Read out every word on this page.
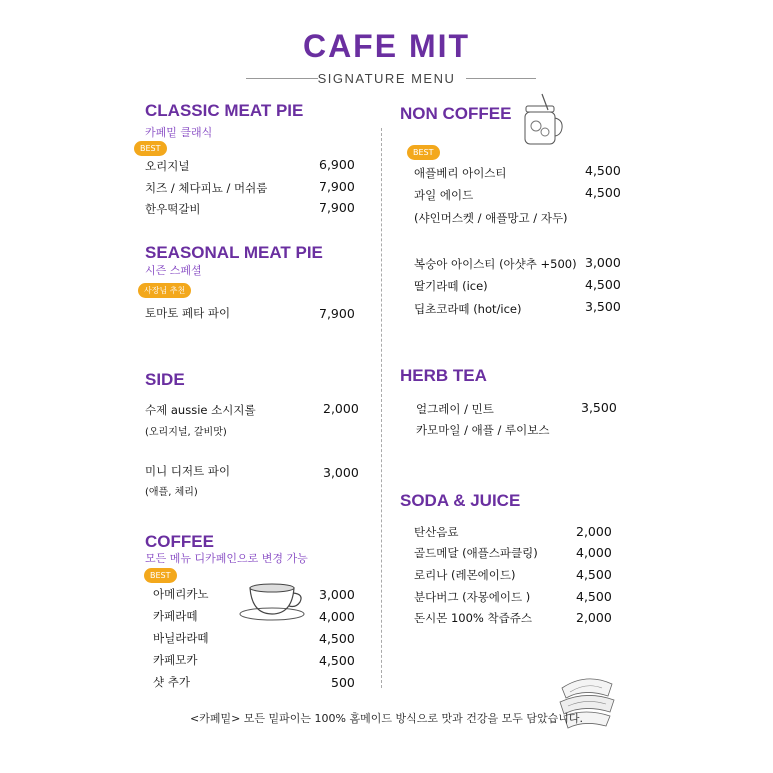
CAFE MIT
SIGNATURE MENU
CLASSIC MEAT PIE
카페밑 클래식
BEST
오리지널	6,900
치즈 / 체다피뇨 / 머쉬룸	7,900
한우떡갈비	7,900
SEASONAL MEAT PIE
시즌 스페셜
사장님 추천
토마토 페타 파이	7,900
SIDE
수제 aussie 소시지롤	2,000
(오리지널, 갈비맛)
미니 디저트 파이	3,000
(애플, 체리)
COFFEE
모든 메뉴 디카페인으로 변경 가능
BEST
아메리카노	3,000
카페라떼	4,000
바닐라라떼	4,500
카페모카	4,500
샷 추가	500
NON COFFEE
BEST
애플베리 아이스티	4,500
과일 에이드	4,500
(샤인머스켓 / 애플망고 / 자두)
복숭아 아이스티 (아샷추 +500) 3,000
딸기라떼 (ice)	4,500
딥초코라떼 (hot/ice)	3,500
HERB TEA
얼그레이 / 민트	3,500
카모마일 / 애플 / 루이보스
SODA & JUICE
탄산음료	2,000
골드메달 (애플스파클링)	4,000
로리나 (레몬에이드)	4,500
분다버그 (자몽에이드 )	4,500
돈시몬 100% 착즙쥬스	2,000
<카페밑> 모든 밑파이는 100% 홈메이드 방식으로 맛과 건강을 모두 담았습니다.
